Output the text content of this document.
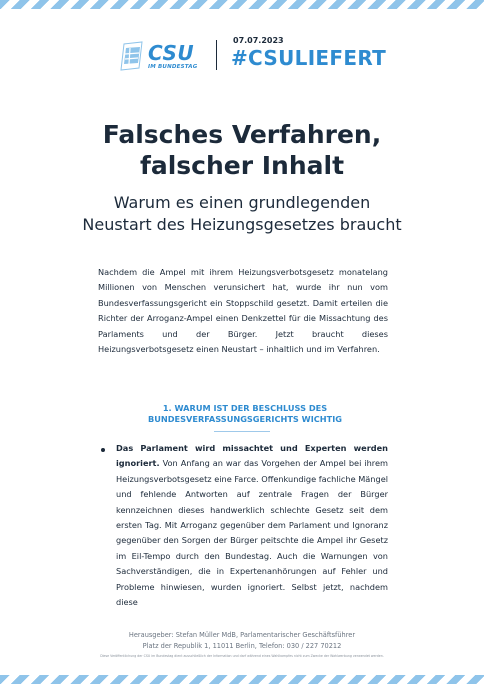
CSU
IM BUNDESTAG
07.07.2023
#CSULIEFERT
Falsches Verfahren,
falscher Inhalt
Warum es einen grundlegenden
Neustart des Heizungsgesetzes braucht
Nachdem die Ampel mit ihrem Heizungsverbotsgesetz monatelang Millionen von Menschen verunsichert hat, wurde ihr nun vom Bundesverfassungsgericht ein Stoppschild gesetzt. Damit erteilen die Richter der Arroganz-Ampel einen Denkzettel für die Missachtung des Parlaments und der Bürger. Jetzt braucht dieses Heizungsverbotsgesetz einen Neustart – inhaltlich und im Verfahren.
1. WARUM IST DER BESCHLUSS DES
BUNDESVERFASSUNGSGERICHTS WICHTIG
Das Parlament wird missachtet und Experten werden ignoriert. Von Anfang an war das Vorgehen der Ampel bei ihrem Heizungsverbotsgesetz eine Farce. Offenkundige fachliche Mängel und fehlende Antworten auf zentrale Fragen der Bürger kennzeichnen dieses handwerklich schlechte Gesetz seit dem ersten Tag. Mit Arroganz gegenüber dem Parlament und Ignoranz gegenüber den Sorgen der Bürger peitschte die Ampel ihr Gesetz im Eil-Tempo durch den Bundestag. Auch die Warnungen von Sachverständigen, die in Expertenanhörungen auf Fehler und Probleme hinwiesen, wurden ignoriert. Selbst jetzt, nachdem diese
Herausgeber: Stefan Müller MdB, Parlamentarischer Geschäftsführer
Platz der Republik 1, 11011 Berlin, Telefon: 030 / 227 70212
Diese Veröffentlichung der CSU im Bundestag dient ausschließlich der Information und darf während eines Wahlkampfes nicht zum Zwecke der Wahlwerbung verwendet werden.
